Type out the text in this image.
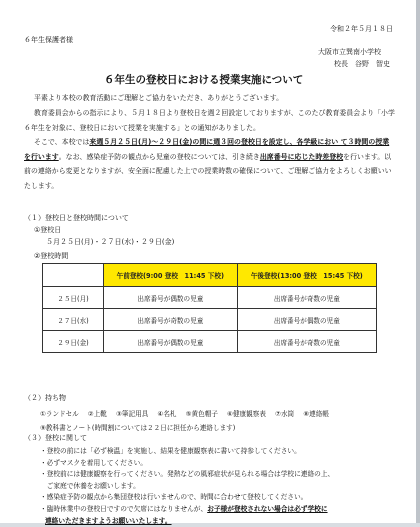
令和２年５月１８日
６年生保護者様
大阪市立巽南小学校
校長　谷野　智史
６年生の登校日における授業実施について
平素より本校の教育活動にご理解とご協力をいただき、ありがとうございます。
教育委員会からの指示により、５月１８日より登校日を週２回設定しておりますが、このたび教育委員会より「小学６年生を対象に、登校日において授業を実施する」との通知がありました。
そこで、本校では来週５月２５日(月)～２９日(金)の間に週３回の登校日を設定し、各学級におい て３時間の授業を行います。なお、感染症予防の観点から児童の登校については、引き続き出席番号に応じた時差登校を行います。以前の連絡から変更となりますが、安全面に配慮した上での授業時数の確保について、ご理解ご協力をよろしくお願いいたします。
（１）登校日と登校時間について
①登校日
５月２５日(月)・２７日(水)・２９日(金)
②登校時間
	午前登校(9:00 登校　11:45 下校)	午後登校(13:00 登校　15:45 下校)
２５日(月)	出席番号が偶数の児童	出席番号が奇数の児童
２７日(水)	出席番号が奇数の児童	出席番号が偶数の児童
２９日(金)	出席番号が偶数の児童	出席番号が奇数の児童
（２）持ち物
①ランドセル ②上靴 ③筆記用具 ④名札 ⑤黄色帽子 ⑥健康観察表 ⑦水筒 ⑧連絡帳
⑨教科書とノート(時間割については２２日に担任から連絡します)
（３）登校に関して
・登校の前には「必ず検温」を実施し、結果を健康観察表に書いて持参してください。
・必ずマスクを着用してください。
・登校前には健康観察を行ってください。発熱などの風邪症状が見られる場合は学校に連絡の上、
　ご家庭で休養をお願いします。
・感染症予防の観点から集団登校は行いませんので、時間に合わせて登校してください。
・臨時休業中の登校日ですので欠席にはなりませんが、お子様が登校されない場合は必ず学校に
連絡いただきますようお願いいたします。
